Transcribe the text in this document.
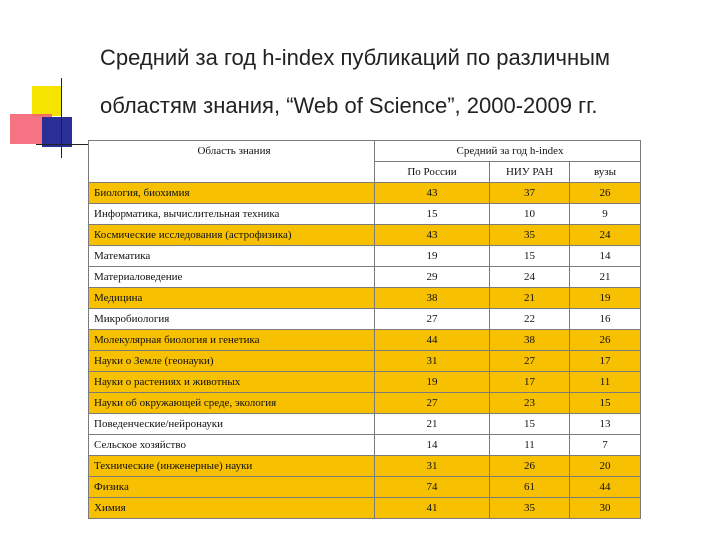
Средний за год h-index публикаций по различным
областям знания, “Web of Science”, 2000-2009 гг.
Область знания	Средний за год h-index		
	По России	НИУ РАН	вузы
Биология, биохимия	43	37	26
Информатика, вычислительная техника	15	10	9
Космические исследования (астрофизика)	43	35	24
Математика	19	15	14
Материаловедение	29	24	21
Медицина	38	21	19
Микробиология	27	22	16
Молекулярная биология и генетика	44	38	26
Науки о Земле (геонауки)	31	27	17
Науки о растениях и животных	19	17	11
Науки об окружающей среде, экология	27	23	15
Поведенческие/нейронауки	21	15	13
Сельское хозяйство	14	11	7
Технические (инженерные) науки	31	26	20
Физика	74	61	44
Химия	41	35	30
